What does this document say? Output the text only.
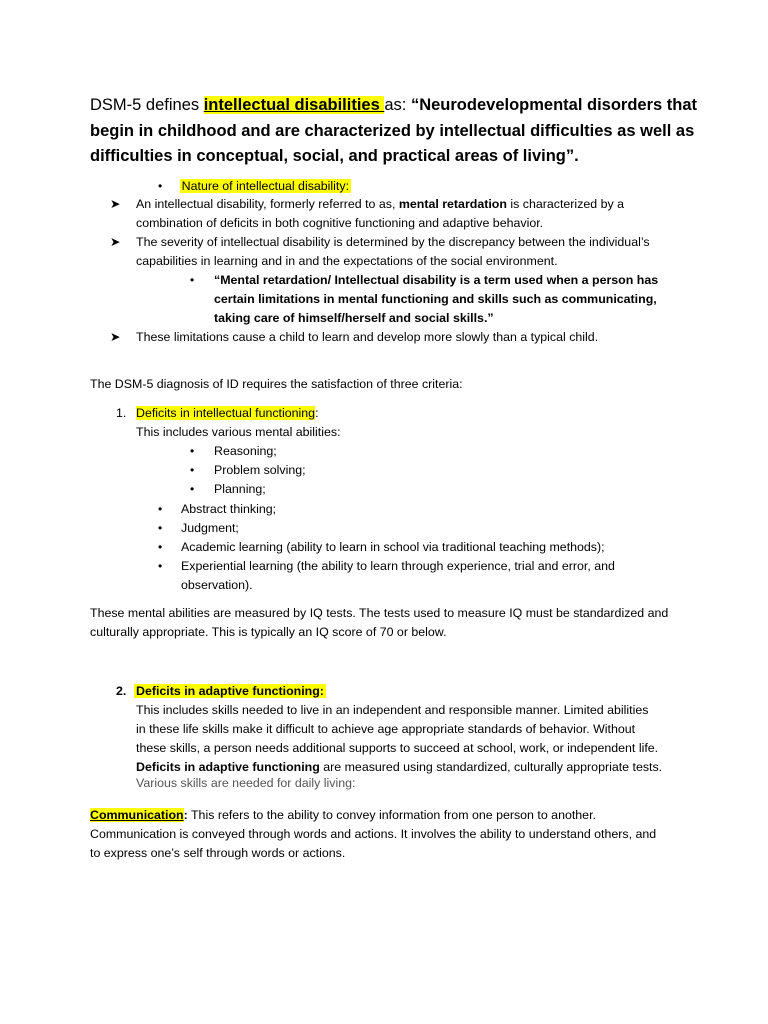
DSM-5 defines intellectual disabilities as: “Neurodevelopmental disorders that
begin in childhood and are characterized by intellectual difficulties as well as
difficulties in conceptual, social, and practical areas of living”.
• Nature of intellectual disability:
➤ An intellectual disability, formerly referred to as, mental retardation is characterized by a
combination of deficits in both cognitive functioning and adaptive behavior.
➤ The severity of intellectual disability is determined by the discrepancy between the individual’s
capabilities in learning and in and the expectations of the social environment.
•
“Mental retardation/ Intellectual disability is a term used when a person has
certain limitations in mental functioning and skills such as communicating,
taking care of himself/herself and social skills.”
➤ These limitations cause a child to learn and develop more slowly than a typical child.
The DSM-5 diagnosis of ID requires the satisfaction of three criteria:
1. Deficits in intellectual functioning:
This includes various mental abilities:
•
Reasoning;
•
Problem solving;
•
Planning;
•
Abstract thinking;
•
Judgment;
•
Academic learning (ability to learn in school via traditional teaching methods);
•
Experiential learning (the ability to learn through experience, trial and error, and
observation).
These mental abilities are measured by IQ tests. The tests used to measure IQ must be standardized and
culturally appropriate. This is typically an IQ score of 70 or below.
2. Deficits in adaptive functioning:
This includes skills needed to live in an independent and responsible manner. Limited abilities
in these life skills make it difficult to achieve age appropriate standards of behavior. Without
these skills, a person needs additional supports to succeed at school, work, or independent life.
Deficits in adaptive functioning are measured using standardized, culturally appropriate tests.
Various skills are needed for daily living:
Communication: This refers to the ability to convey information from one person to another.
Communication is conveyed through words and actions. It involves the ability to understand others, and
to express one’s self through words or actions.
